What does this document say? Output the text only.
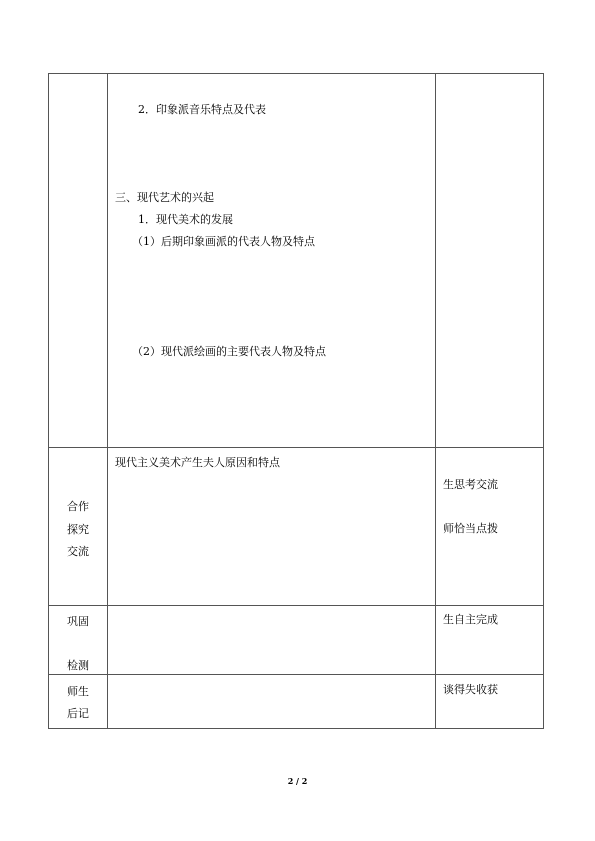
2．印象派音乐特点及代表
三、现代艺术的兴起
1．现代美术的发展
（1）后期印象画派的代表人物及特点
（2）现代派绘画的主要代表人物及特点
合作
探究
交流
现代主义美术产生夫人原因和特点
生思考交流
师恰当点拨
巩固
检测
生自主完成
师生
后记
谈得失收获
2 / 2
